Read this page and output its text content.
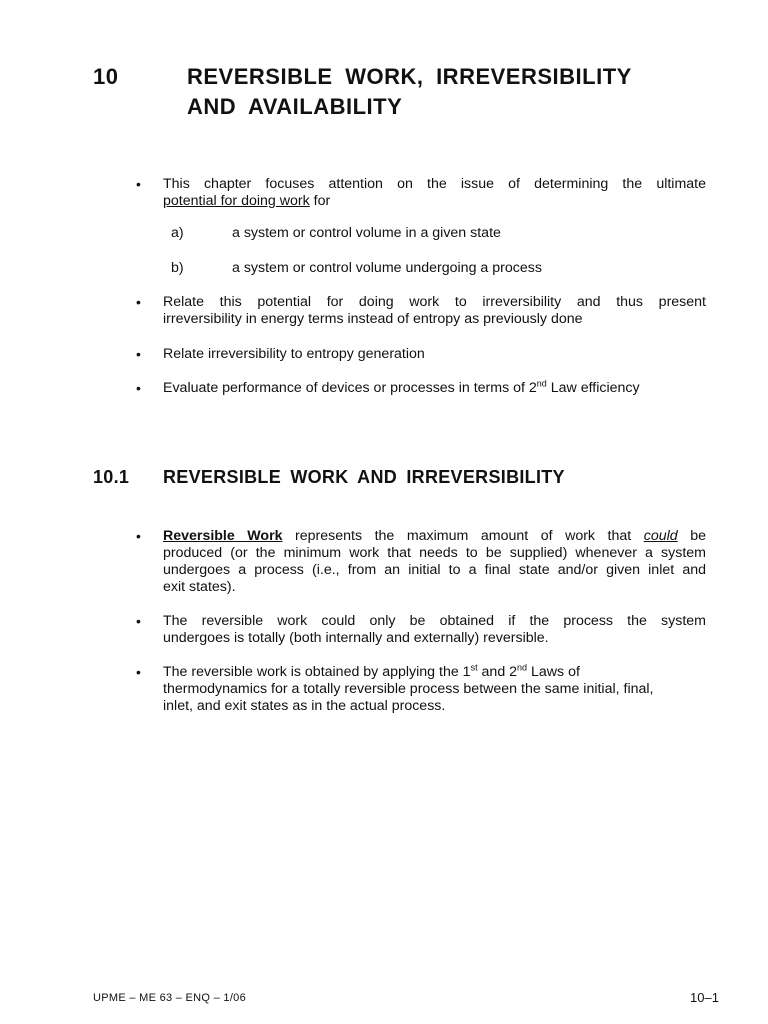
10	REVERSIBLE WORK, IRREVERSIBILITY
AND AVAILABILITY
• This chapter focuses attention on the issue of determining the ultimate
potential for doing work for
a)	a system or control volume in a given state
b)	a system or control volume undergoing a process
• Relate this potential for doing work to irreversibility and thus present
irreversibility in energy terms instead of entropy as previously done
• Relate irreversibility to entropy generation
• Evaluate performance of devices or processes in terms of 2nd Law efficiency
10.1 REVERSIBLE WORK AND IRREVERSIBILITY
• Reversible Work represents the maximum amount of work that could be
produced (or the minimum work that needs to be supplied) whenever a system
undergoes a process (i.e., from an initial to a final state and/or given inlet and
exit states).
• The reversible work could only be obtained if the process the system
undergoes is totally (both internally and externally) reversible.
• The reversible work is obtained by applying the 1st and 2nd Laws of
thermodynamics for a totally reversible process between the same initial, final,
inlet, and exit states as in the actual process.
UPME – ME 63 – ENQ – 1/06	10–1
